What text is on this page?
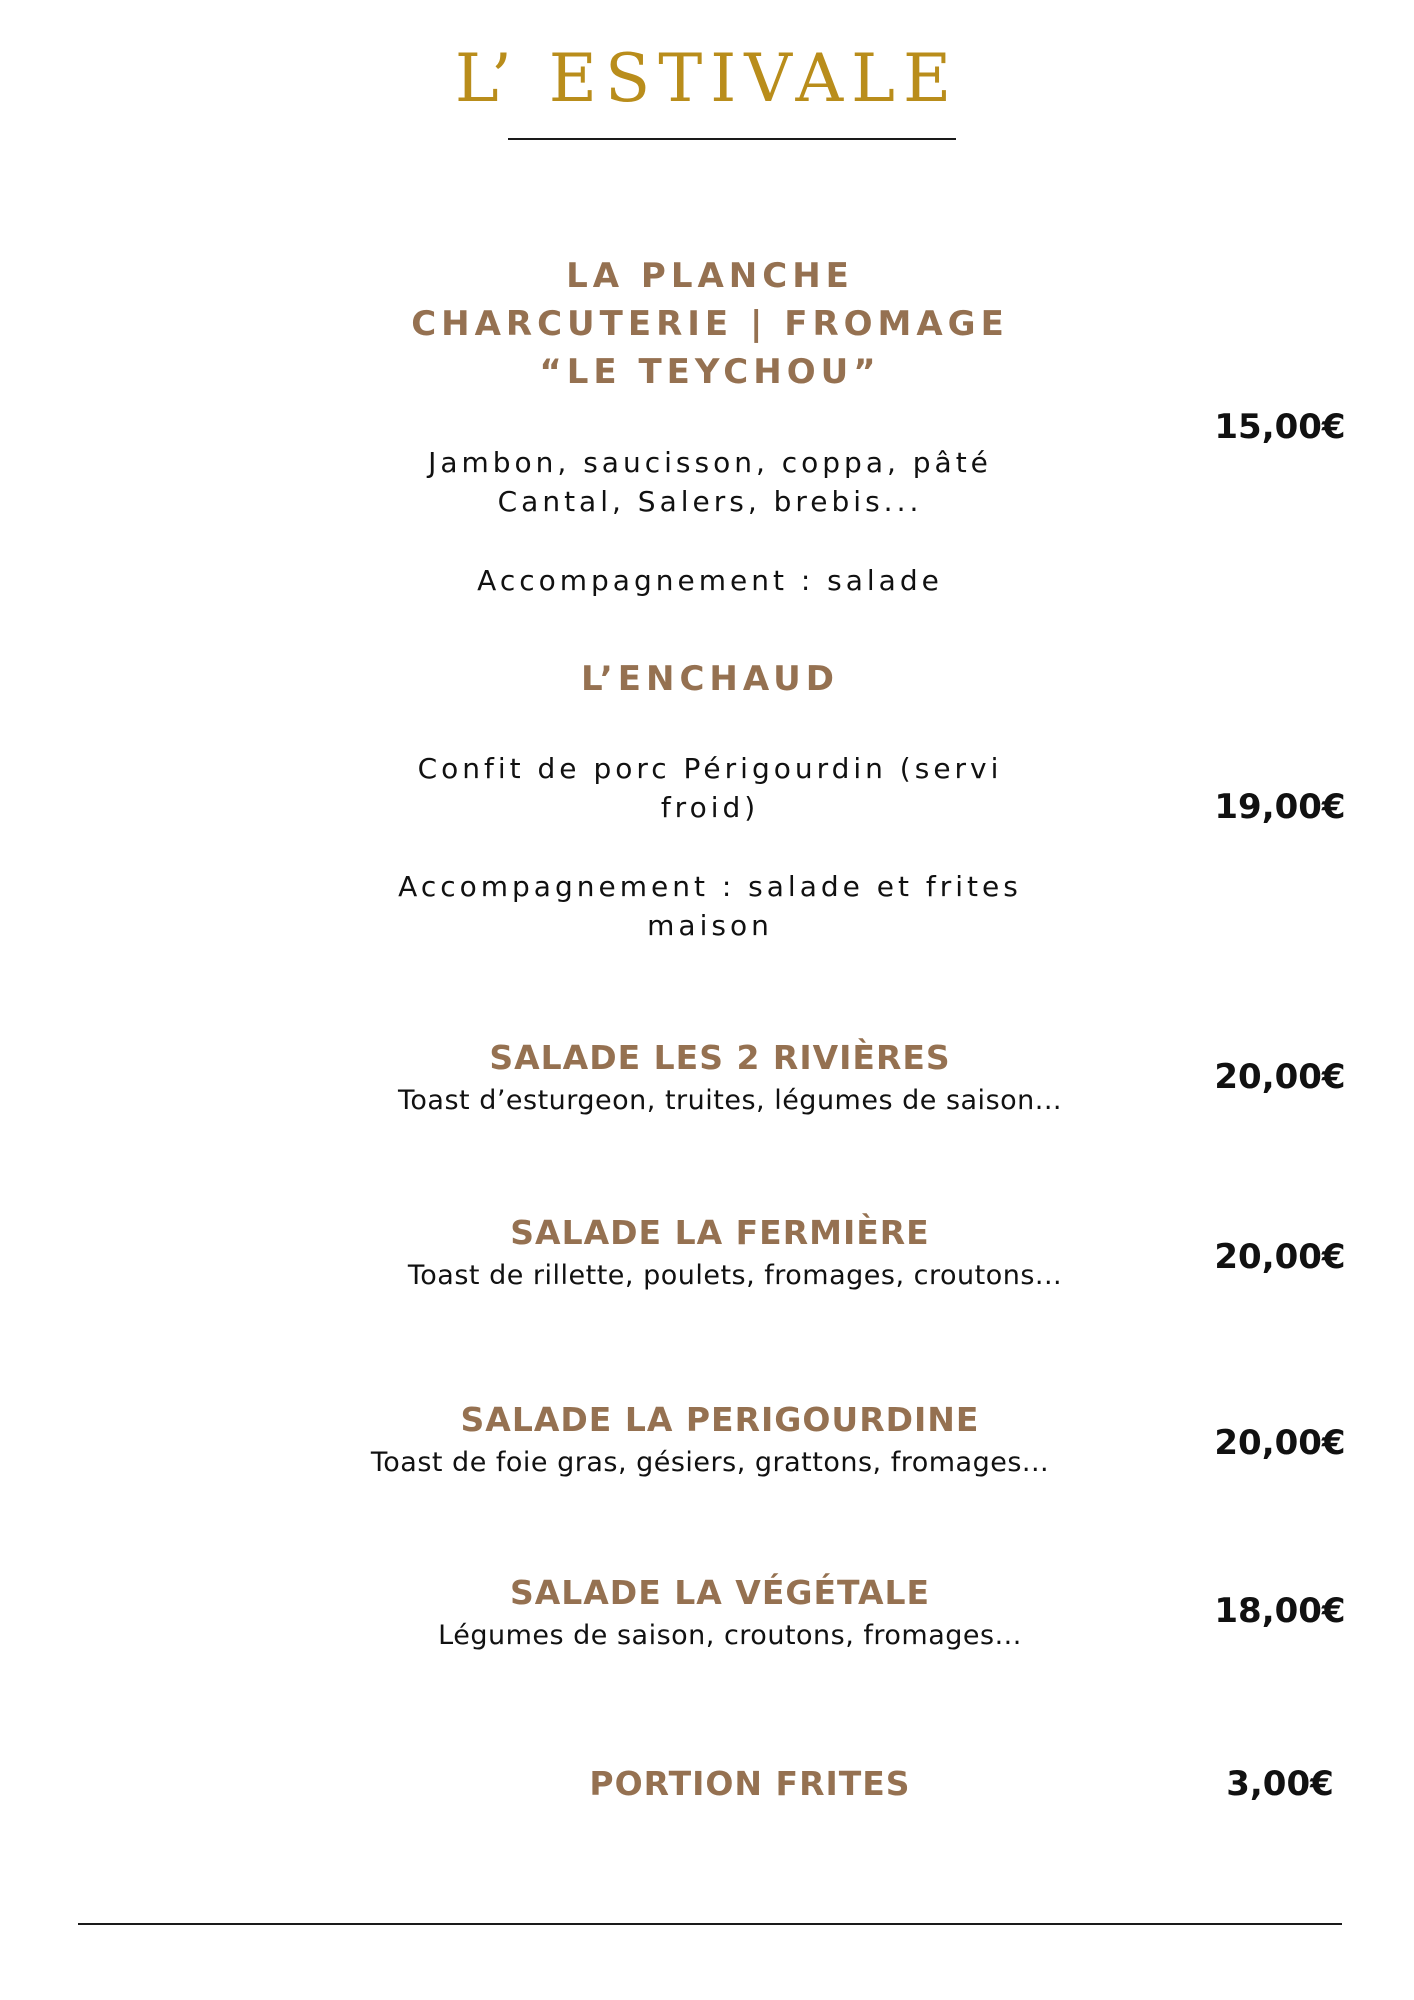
L’ ESTIVALE
LA PLANCHE
CHARCUTERIE | FROMAGE
“LE TEYCHOU”
Jambon, saucisson, coppa, pâté
Cantal, Salers, brebis...
Accompagnement : salade
15,00€
L’ENCHAUD
Confit de porc Périgourdin (servi
froid)
Accompagnement : salade et frites
maison
19,00€
SALADE LES 2 RIVIÈRES
Toast d’esturgeon, truites, légumes de saison...
20,00€
SALADE LA FERMIÈRE
Toast de rillette, poulets, fromages, croutons...	20,00€
SALADE LA PERIGOURDINE
Toast de foie gras, gésiers, grattons, fromages...	20,00€
SALADE LA VÉGÉTALE
Légumes de saison, croutons, fromages...
18,00€
PORTION FRITES	3,00€
